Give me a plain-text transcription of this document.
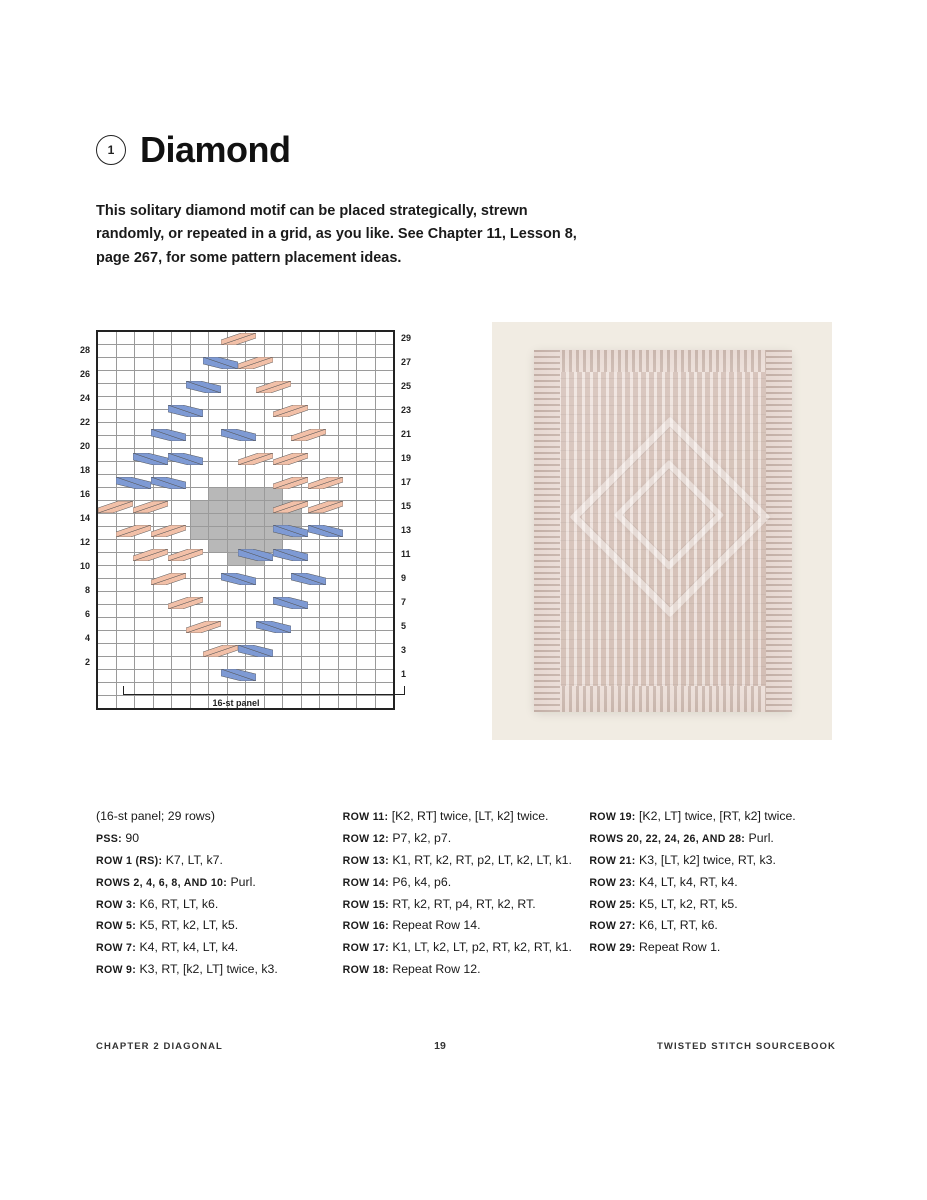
1 Diamond
This solitary diamond motif can be placed strategically, strewn randomly, or repeated in a grid, as you like. See Chapter 11, Lesson 8, page 267, for some pattern placement ideas.

28
26
24
22
20
18
16
14
12
10
8
6
4
2
29
27
25
23
21
19
17
15
13
11
9
7
5
3
1
16-st panel
(16-st panel; 29 rows)
PSS: 90
ROW 1 (RS): K7, LT, k7.
ROWS 2, 4, 6, 8, AND 10: Purl.
ROW 3: K6, RT, LT, k6.
ROW 5: K5, RT, k2, LT, k5.
ROW 7: K4, RT, k4, LT, k4.
ROW 9: K3, RT, [k2, LT] twice, k3.
ROW 11: [K2, RT] twice, [LT, k2] twice.
ROW 12: P7, k2, p7.
ROW 13: K1, RT, k2, RT, p2, LT, k2, LT, k1.
ROW 14: P6, k4, p6.
ROW 15: RT, k2, RT, p4, RT, k2, RT.
ROW 16: Repeat Row 14.
ROW 17: K1, LT, k2, LT, p2, RT, k2, RT, k1.
ROW 18: Repeat Row 12.
ROW 19: [K2, LT] twice, [RT, k2] twice.
ROWS 20, 22, 24, 26, AND 28: Purl.
ROW 21: K3, [LT, k2] twice, RT, k3.
ROW 23: K4, LT, k4, RT, k4.
ROW 25: K5, LT, k2, RT, k5.
ROW 27: K6, LT, RT, k6.
ROW 29: Repeat Row 1.
CHAPTER 2 DIAGONAL	19	TWISTED STITCH SOURCEBOOK
